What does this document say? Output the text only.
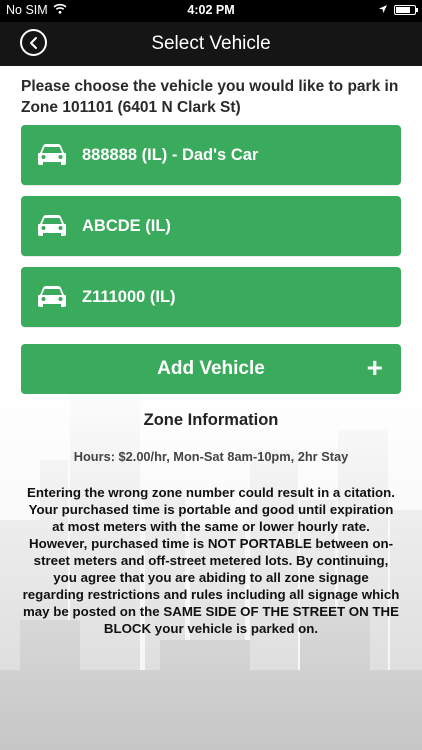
No SIM	4:02 PM
Select Vehicle
Please choose the vehicle you would like to park in Zone 101101 (6401 N Clark St)
888888 (IL) - Dad's Car
ABCDE (IL)
Z111000 (IL)
Add Vehicle	+
Zone Information
Hours: $2.00/hr, Mon-Sat 8am-10pm, 2hr Stay
Entering the wrong zone number could result in a citation. Your purchased time is portable and good until expiration at most meters with the same or lower hourly rate. However, purchased time is NOT PORTABLE between on-street meters and off-street metered lots. By continuing, you agree that you are abiding to all zone signage regarding restrictions and rules including all signage which may be posted on the SAME SIDE OF THE STREET ON THE BLOCK your vehicle is parked on.
